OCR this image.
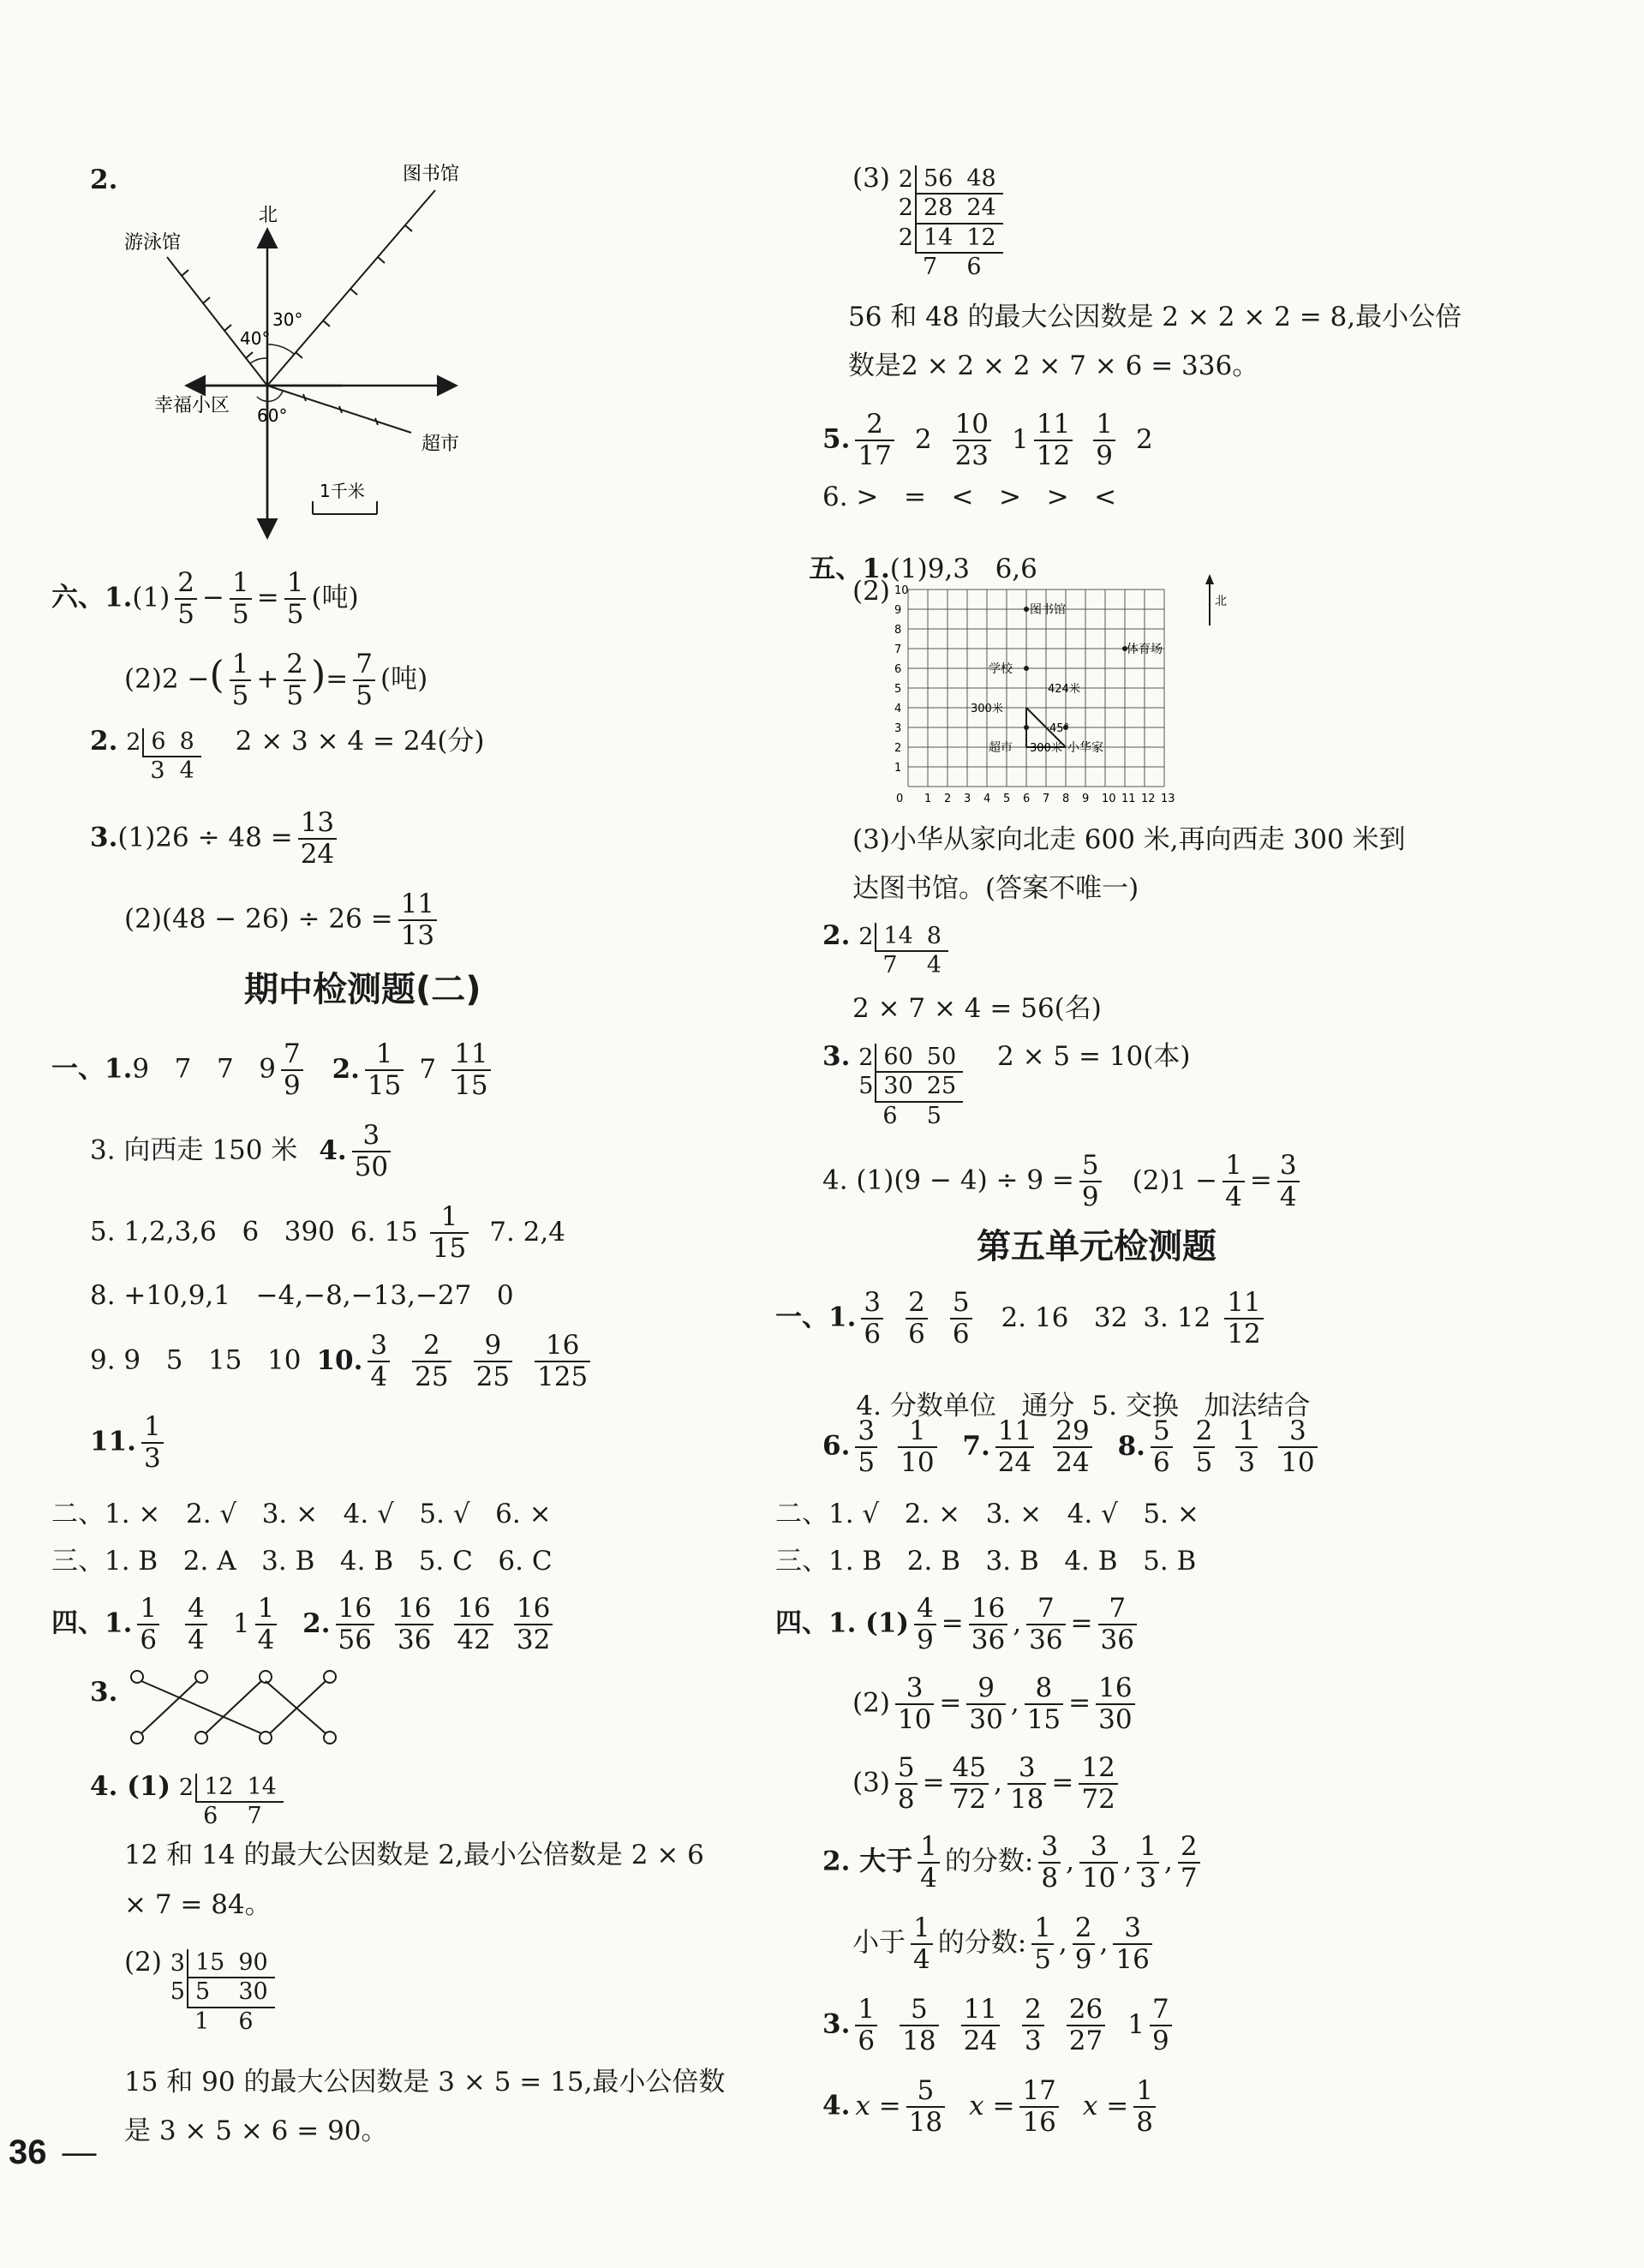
2.
北
图书馆
游泳馆
幸福小区
超市
40°
30°
60°
1千米
六、$1.(1) \frac{2}{5} - \frac{1}{5} = \frac{1}{5}$ (吨)
(2)2 −( $\frac{1}{5} + \frac{2}{5}$ )= $\frac{7}{5}$ (吨)
2. 2	6	8
	3	4 2 × 3 × 4 = 24(分)
$3.(1)26 \div 48 = \frac{13}{24}$
$(2)(48 - 26) \div 26 = \frac{11}{13}$
期中检测题(二)
一、1.9   7   7   $9 \frac{7}{9} 2$. $\frac{1}{15} 7 \frac{11}{15}$
3. 向西走 150 米 4. $\frac{3}{50}$
5. 1,2,3,6   6   390 6. $15 \frac{1}{15} 7$. 2,4
8. +10,9,1   −4,−8,−13,−27   0
9. 9   5   15   10 10. $\frac{3}{4} \frac{2}{25} \frac{9}{25} \frac{16}{125}$
11. $\frac{1}{3}$
二、1. ×   2. √   3. ×   4. √   5. √   6. ×
三、1. B   2. A   3. B   4. B   5. C   6. C
四、1. $\frac{1}{6} \frac{4}{4} 1 \frac{1}{4} 2$. $\frac{16}{56} \frac{16}{36} \frac{16}{42} \frac{16}{32}$
3.
4. (1) 2	12	14
	6	7
12 和 14 的最大公因数是 2,最小公倍数是 2 × 6
× 7 = 84。
(2) 3	15	90
5	5	30
	1	6
15 和 90 的最大公因数是 3 × 5 = 15,最小公倍数
是 3 × 5 × 6 = 90。
(3) 2	56	48
2	28	24
2	14	12
	7	6
56 和 48 的最大公因数是 2 × 2 × 2 = 8,最小公倍
数是2 × 2 × 2 × 7 × 6 = 336。
5. $\frac{2}{17} 2 \frac{10}{23} 1 \frac{11}{12} \frac{1}{9} 2$
6. >   =   <   >   >   <

五、1.(1)9,3   6,6

(2)
1 2 3 4 5 6 7 8 9 10 11 12 13
1
2
3
4
5
6
7
8
9
10
0
图书馆
学校
体育场
超市	小华家
424米
300米
300米
45°
北
(3)小华从家向北走 600 米,再向西走 300 米到
达图书馆。(答案不唯一)
2. 2	14	8
	7	4
2 × 7 × 4 = 56(名)
3. 2	60	50
5	30	25
	6	5 2 × 5 = 10(本)
4. $(1)(9 - 4) \div 9 = \frac{5}{9} (2)1 - \frac{1}{4} = \frac{3}{4}$
第五单元检测题
一、1. $\frac{3}{6} \frac{2}{6} \frac{5}{6} 2$. 16   32 3. $12 \frac{11}{12}$

4. 分数单位   通分 5. 交换   加法结合

6. $\frac{3}{5} \frac{1}{10} 7$. $\frac{11}{24} \frac{29}{24} 8$. $\frac{5}{6} \frac{2}{5} \frac{1}{3} \frac{3}{10}$
二、1. √   2. ×   3. ×   4. √   5. ×
三、1. B   2. B   3. B   4. B   5. B
四、1. $(1) \frac{4}{9} = \frac{16}{36}$ , $\frac{7}{36} = \frac{7}{36}$
$(2) \frac{3}{10} = \frac{9}{30}$ , $\frac{8}{15} = \frac{16}{30}$
$(3) \frac{5}{8} = \frac{45}{72}$ , $\frac{3}{18} = \frac{12}{72}$
2. 大于 $\frac{1}{4}$ 的分数: $\frac{3}{8}$ , $\frac{3}{10}$ , $\frac{1}{3}$ , $\frac{2}{7}$
小于 $\frac{1}{4}$ 的分数: $\frac{1}{5}$ , $\frac{2}{9}$ , $\frac{3}{16}$
3. $\frac{1}{6} \frac{5}{18} \frac{11}{24} \frac{2}{3} \frac{26}{27} 1 \frac{7}{9}$
4. $x = \frac{5}{18}$ $x = \frac{17}{16}$ $x = \frac{1}{8}$
36 —
